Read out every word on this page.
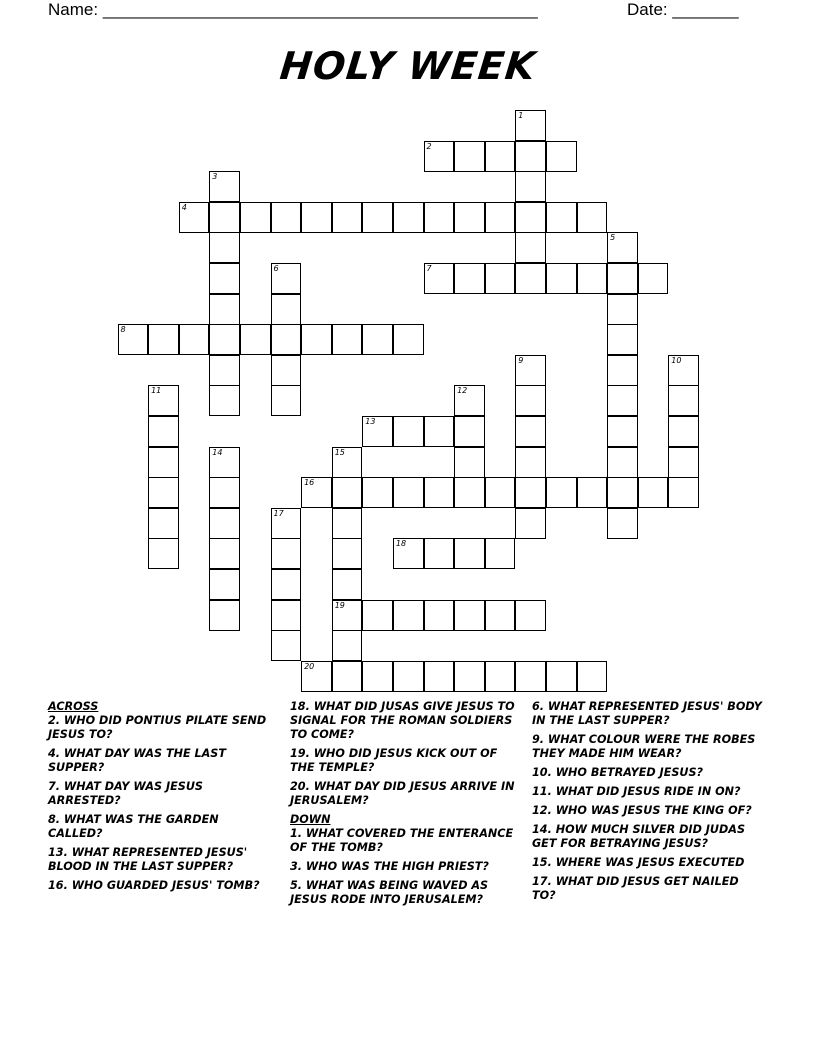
Name: ______________________________________________	Date: _______
HOLY WEEK
1
2
3
4
5
6	7
8
9	10
11	12
13
14	15
19
16
17
18
20
ACROSS
2. WHO DID PONTIUS PILATE SEND JESUS TO?
4. WHAT DAY WAS THE LAST SUPPER?
7. WHAT DAY WAS JESUS ARRESTED?
8. WHAT WAS THE GARDEN CALLED?
13. WHAT REPRESENTED JESUS' BLOOD IN THE LAST SUPPER?
16. WHO GUARDED JESUS' TOMB?
18. WHAT DID JUSAS GIVE JESUS TO SIGNAL FOR THE ROMAN SOLDIERS TO COME?
19. WHO DID JESUS KICK OUT OF THE TEMPLE?
20. WHAT DAY DID JESUS ARRIVE IN JERUSALEM?
DOWN
1. WHAT COVERED THE ENTERANCE OF THE TOMB?
3. WHO WAS THE HIGH PRIEST?
5. WHAT WAS BEING WAVED AS JESUS RODE INTO JERUSALEM?
6. WHAT REPRESENTED JESUS' BODY IN THE LAST SUPPER?
9. WHAT COLOUR WERE THE ROBES THEY MADE HIM WEAR?
10. WHO BETRAYED JESUS?
11. WHAT DID JESUS RIDE IN ON?
12. WHO WAS JESUS THE KING OF?
14. HOW MUCH SILVER DID JUDAS GET FOR BETRAYING JESUS?
15. WHERE WAS JESUS EXECUTED
17. WHAT DID JESUS GET NAILED TO?
